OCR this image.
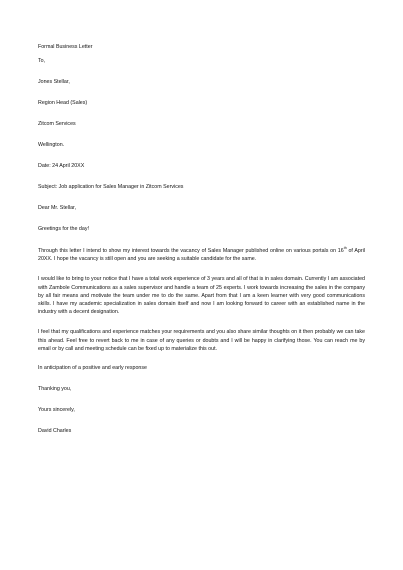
Formal Business Letter

To,

Jones Stellar,

Region Head (Sales)

Zitcom Services

Wellington.

Date: 24 April 20XX

Subject: Job application for Sales Manager in Zitcom Services

Dear Mr. Stellar,

Greetings for the day!

Through this letter I intend to show my interest towards the vacancy of Sales Manager published online on various portals on 16th of April 20XX. I hope the vacancy is still open and you are seeking a suitable candidate for the same.

I would like to bring to your notice that I have a total work experience of 3 years and all of that is in sales domain. Currently I am associated with Zambole Communications as a sales supervisor and handle a team of 25 experts. I work towards increasing the sales in the company by all fair means and motivate the team under me to do the same. Apart from that I am a keen learner with very good communications skills. I have my academic specialization in sales domain itself and now I am looking forward to career with an established name in the industry with a decent designation.

I feel that my qualifications and experience matches your requirements and you also share similar thoughts on it then probably we can take this ahead. Feel free to revert back to me in case of any queries or doubts and I will be happy in clarifying those. You can reach me by email or by call and meeting schedule can be fixed up to materialize this out.

In anticipation of a positive and early response

Thanking you,

Yours sincerely,

David Charles
